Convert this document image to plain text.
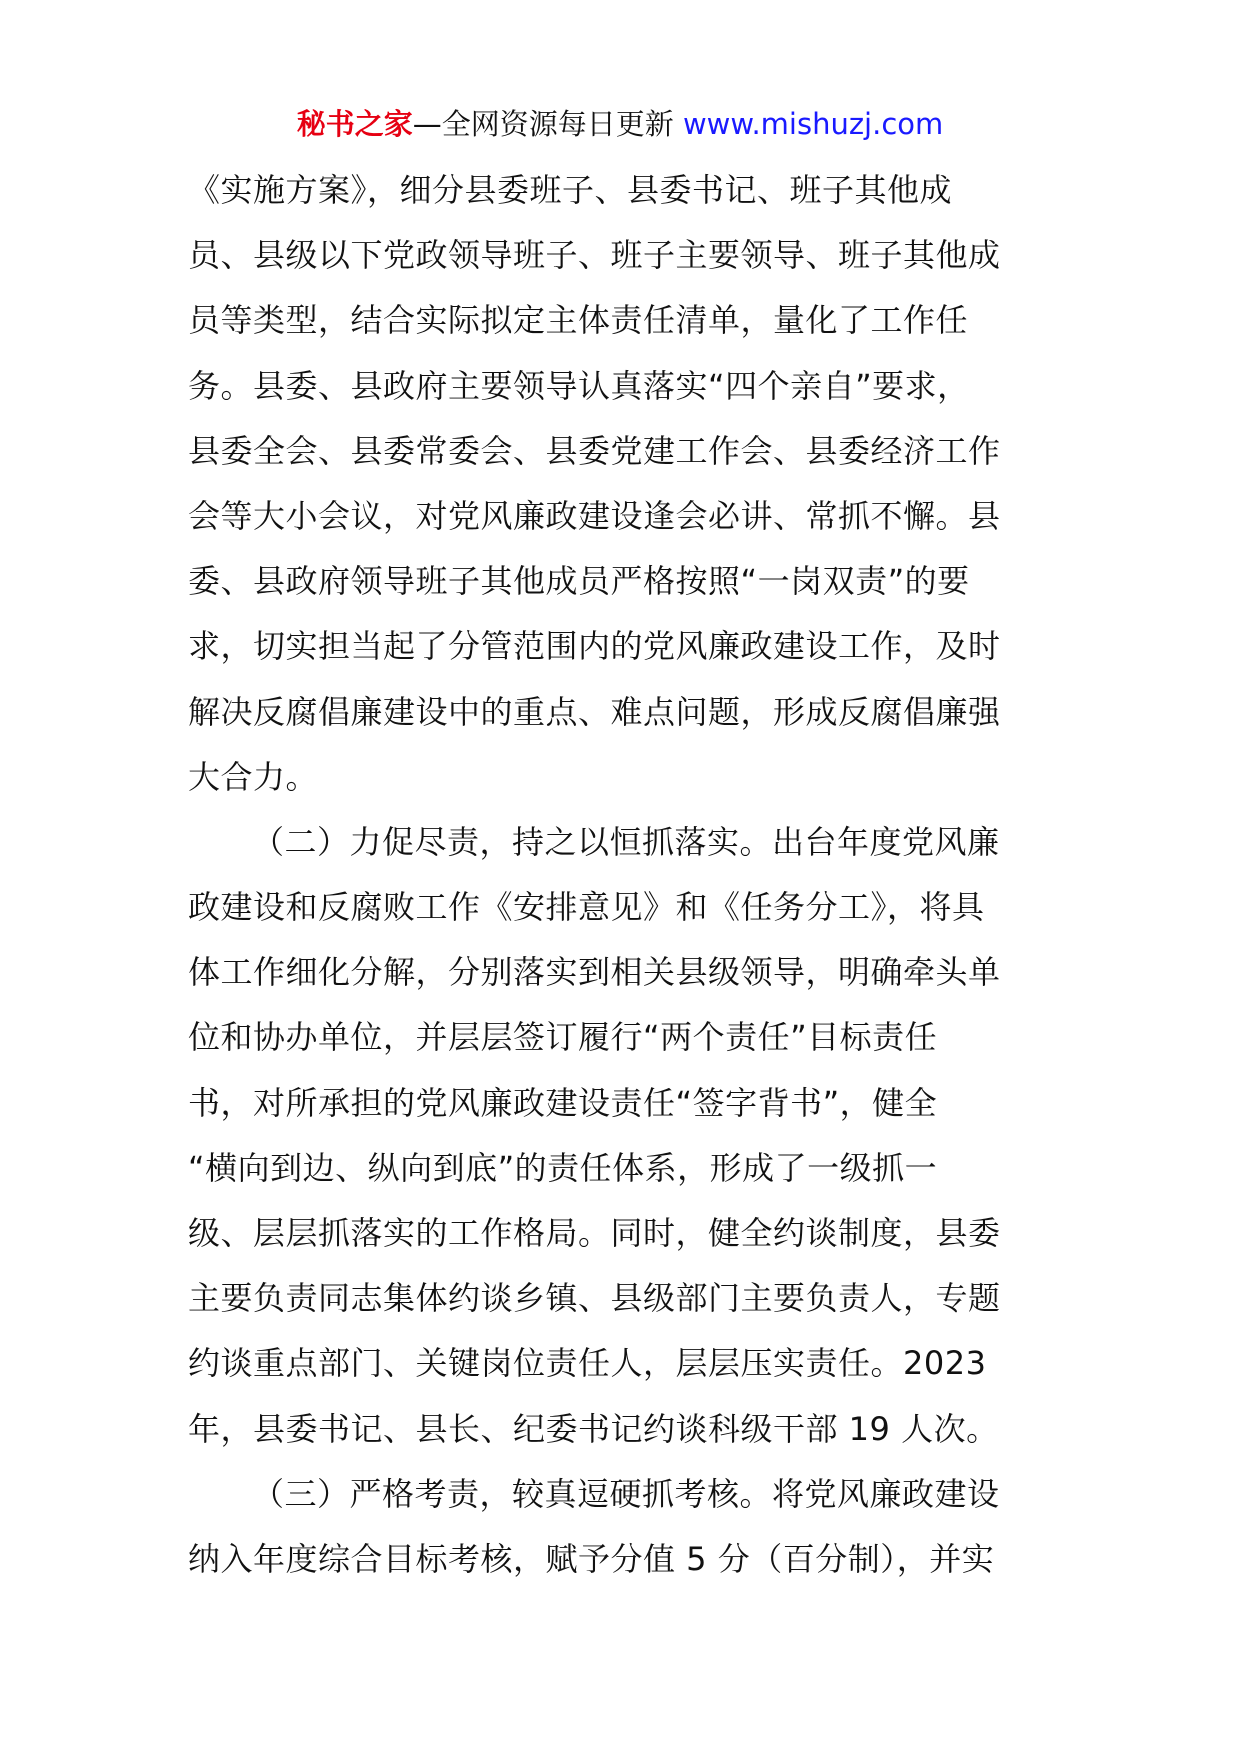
秘书之家—全网资源每日更新 www.mishuzj.com
《实施方案》，细分县委班子、县委书记、班子其他成
员、县级以下党政领导班子、班子主要领导、班子其他成
员等类型，结合实际拟定主体责任清单，量化了工作任
务。县委、县政府主要领导认真落实“四个亲自”要求，
县委全会、县委常委会、县委党建工作会、县委经济工作
会等大小会议，对党风廉政建设逢会必讲、常抓不懈。县
委、县政府领导班子其他成员严格按照“一岗双责”的要
求，切实担当起了分管范围内的党风廉政建设工作，及时
解决反腐倡廉建设中的重点、难点问题，形成反腐倡廉强
大合力。
（二）力促尽责，持之以恒抓落实。出台年度党风廉
政建设和反腐败工作《安排意见》和《任务分工》，将具
体工作细化分解，分别落实到相关县级领导，明确牵头单
位和协办单位，并层层签订履行“两个责任”目标责任
书，对所承担的党风廉政建设责任“签字背书”，健全
“横向到边、纵向到底”的责任体系，形成了一级抓一
级、层层抓落实的工作格局。同时，健全约谈制度，县委
主要负责同志集体约谈乡镇、县级部门主要负责人，专题
约谈重点部门、关键岗位责任人，层层压实责任。2023
年，县委书记、县长、纪委书记约谈科级干部 19 人次。
（三）严格考责，较真逗硬抓考核。将党风廉政建设
纳入年度综合目标考核，赋予分值 5 分（百分制），并实
